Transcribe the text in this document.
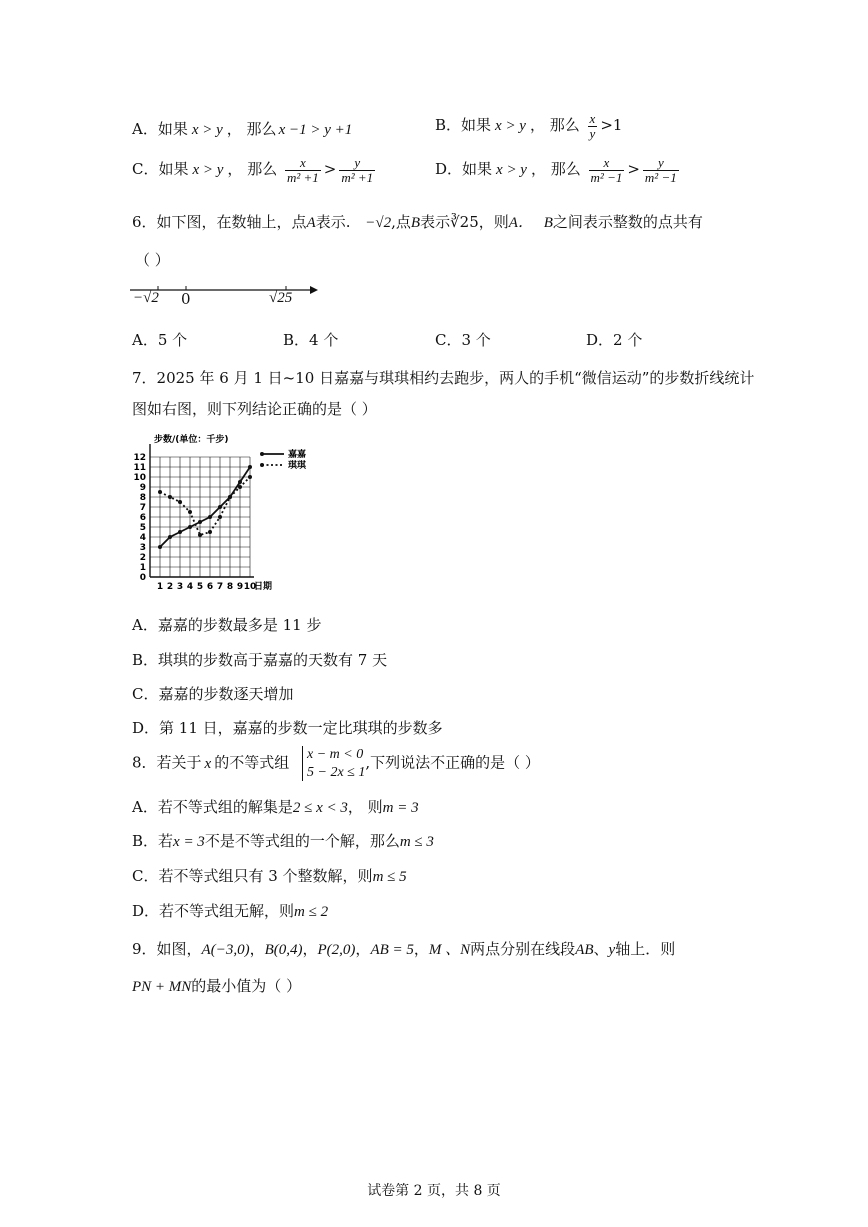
A．如果 x > y ， 那么 x −1 > y +1	B．如果 x > y ， 那么 $\frac{x}{y} >1$
C．如果 x > y ， 那么 $\frac{x}{\text{m² +1}} > \frac{y}{\text{m² +1}}$	D．如果 x > y ， 那么 $\frac{x}{\text{m² −1}} > \frac{y}{\text{m² −1}}$
6．如下图，在数轴上，点A表示. −√2,点B表示∛25，则A． B之间表示整数的点共有
（ ）
−√2 0	√25
A．5 个	B．4 个	C．3 个	D．2 个
7．2025 年 6 月 1 日~10 日嘉嘉与琪琪相约去跑步，两人的手机“微信运动”的步数折线统计
图如右图，则下列结论正确的是（ ）
0
1
2
3
4
5
6
7
8
9
10
11
12
1 2 3 4 5 6 7 8 9 10
步数/(单位：千步)
日期
嘉嘉
琪琪
A．嘉嘉的步数最多是 11 步
B．琪琪的步数高于嘉嘉的天数有 7 天
C．嘉嘉的步数逐天增加
D．第 11 日，嘉嘉的步数一定比琪琪的步数多
8．若关于 x 的不等式组 x − m < 0
5 − 2x ≤ 1
,下列说法不正确的是（ ）
A．若不等式组的解集是2 ≤ x < 3， 则m = 3
B．若x = 3不是不等式组的一个解，那么m ≤ 3
C．若不等式组只有 3 个整数解，则m ≤ 5
D．若不等式组无解，则m ≤ 2
9．如图，A(−3,0)，B(0,4)，P(2,0)，AB = 5，M 、N两点分别在线段AB、y轴上．则
PN + MN的最小值为（ ）
试卷第 2 页，共 8 页
